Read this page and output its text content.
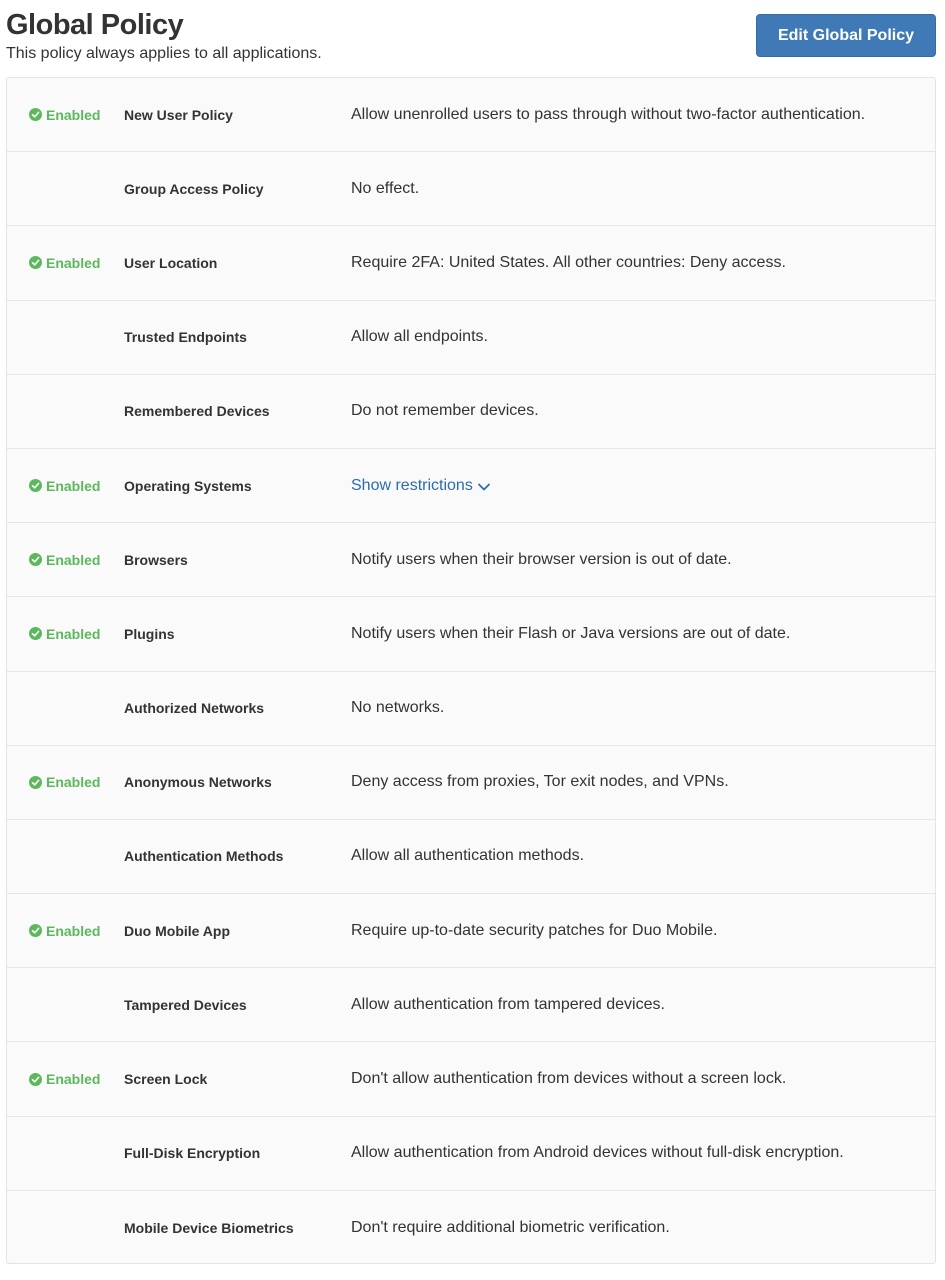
Global Policy
This policy always applies to all applications.
Edit Global Policy
Enabled New User Policy	Allow unenrolled users to pass through without two-factor authentication.
Group Access Policy	No effect.
Enabled User Location	Require 2FA: United States. All other countries: Deny access.
Trusted Endpoints	Allow all endpoints.
Remembered Devices	Do not remember devices.
Enabled Operating Systems	Show restrictions
Enabled Browsers	Notify users when their browser version is out of date.
Enabled Plugins	Notify users when their Flash or Java versions are out of date.
Authorized Networks	No networks.
Enabled Anonymous Networks	Deny access from proxies, Tor exit nodes, and VPNs.
Authentication Methods	Allow all authentication methods.
Enabled Duo Mobile App	Require up-to-date security patches for Duo Mobile.
Tampered Devices	Allow authentication from tampered devices.
Enabled Screen Lock	Don't allow authentication from devices without a screen lock.
Full-Disk Encryption	Allow authentication from Android devices without full-disk encryption.
Mobile Device Biometrics	Don't require additional biometric verification.
